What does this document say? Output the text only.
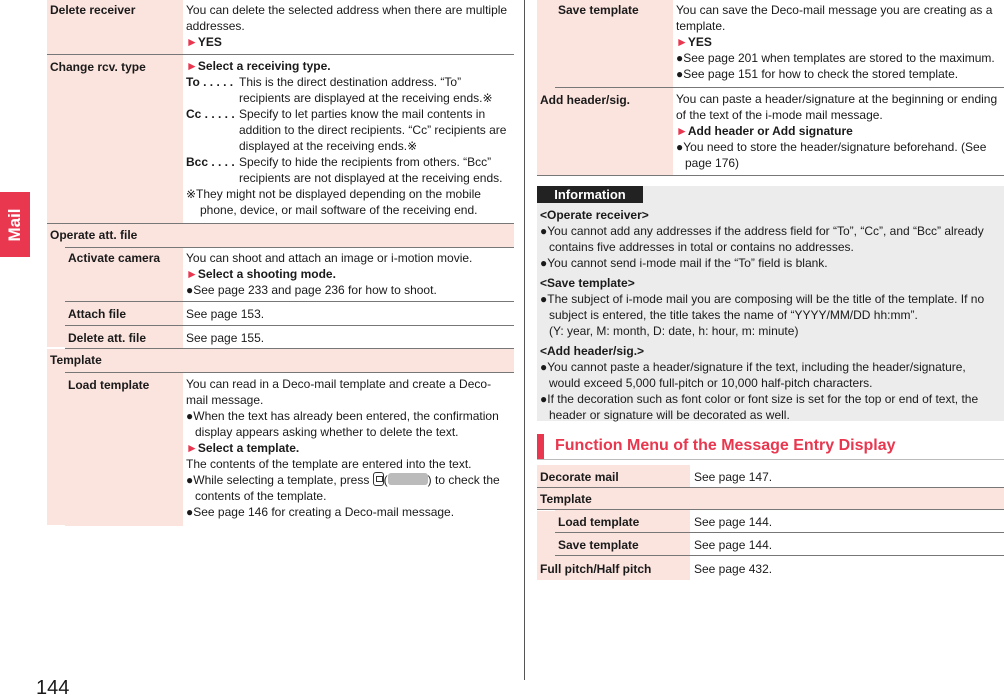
Mail
144
Delete receiver	You can delete the selected address when there are multiple addresses.
►YES
Change rcv. type	►Select a receiving type.
To . . . . . This is the direct destination address. “To” recipients are displayed at the receiving ends.※
Cc . . . . . Specify to let parties know the mail contents in addition to the direct recipients. “Cc” recipients are displayed at the receiving ends.※
Bcc . . . . Specify to hide the recipients from others. “Bcc” recipients are not displayed at the receiving ends.
※They might not be displayed depending on the mobile phone, device, or mail software of the receiving end.
Operate att. file
Activate camera	You can shoot and attach an image or i-motion movie.
►Select a shooting mode.
●See page 233 and page 236 for how to shoot.
Attach file	See page 153.
Delete att. file	See page 155.
Template
Load template	You can read in a Deco-mail template and create a Deco-mail message.
●When the text has already been entered, the confirmation display appears asking whether to delete the text.
►Select a template.
The contents of the template are entered into the text.
●While selecting a template, press (	) to check the contents of the template.
●See page 146 for creating a Deco-mail message.
Save template	You can save the Deco-mail message you are creating as a template.
►YES
●See page 201 when templates are stored to the maximum.
●See page 151 for how to check the stored template.
Add header/sig.	You can paste a header/signature at the beginning or ending of the text of the i-mode mail message.
►Add header or Add signature
●You need to store the header/signature beforehand. (See page 176)
Information
<Operate receiver>
●You cannot add any addresses if the address field for “To”, “Cc”, and “Bcc” already contains five addresses in total or contains no addresses.
●You cannot send i-mode mail if the “To” field is blank.
<Save template>
●The subject of i-mode mail you are composing will be the title of the template. If no subject is entered, the title takes the name of “YYYY/MM/DD hh:mm”.
(Y: year, M: month, D: date, h: hour, m: minute)
<Add header/sig.>
●You cannot paste a header/signature if the text, including the header/signature, would exceed 5,000 full-pitch or 10,000 half-pitch characters.
●If the decoration such as font color or font size is set for the top or end of text, the header or signature will be decorated as well.
Function Menu of the Message Entry Display
Decorate mail	See page 147.
Template
Load template	See page 144.
Save template	See page 144.
Full pitch/Half pitch	See page 432.
